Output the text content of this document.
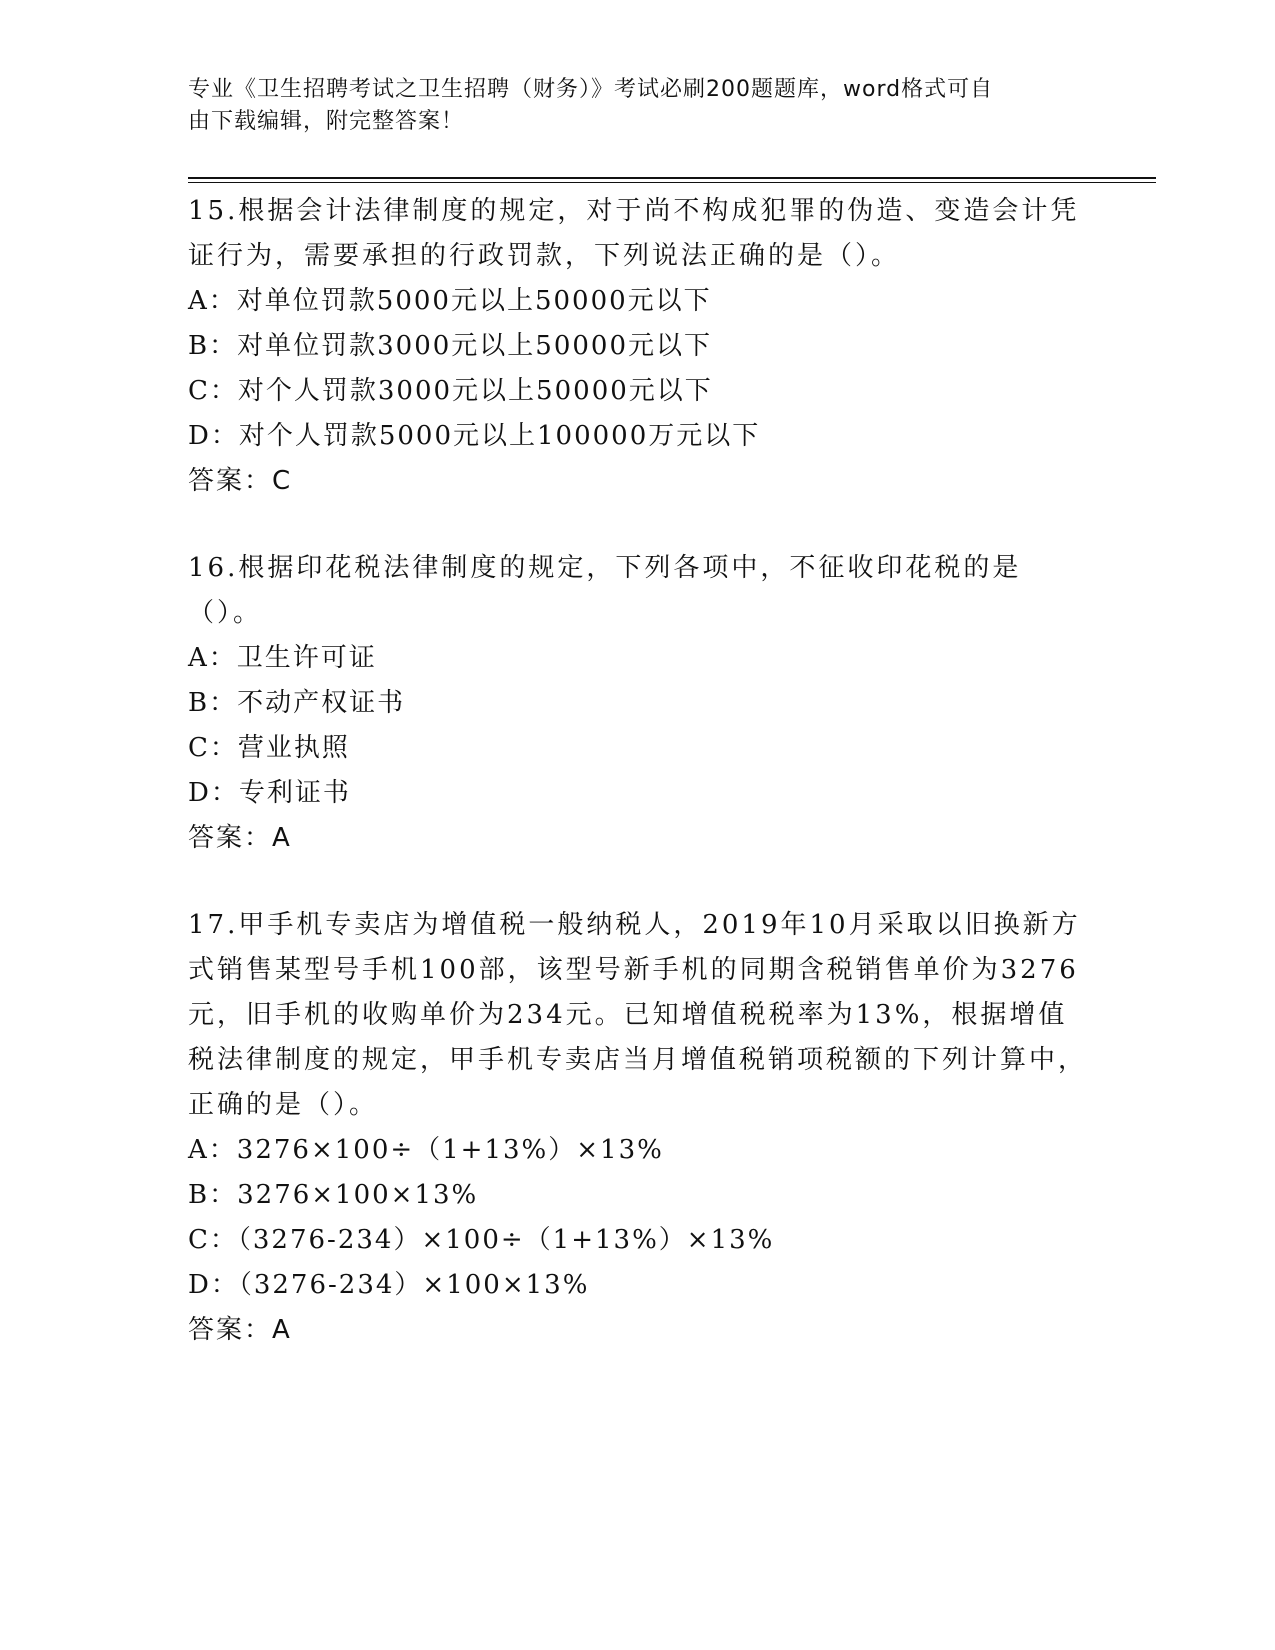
专业《卫生招聘考试之卫生招聘（财务）》考试必刷200题题库，word格式可自
由下载编辑，附完整答案！
15.根据会计法律制度的规定，对于尚不构成犯罪的伪造、变造会计凭证行为，需要承担的行政罚款，下列说法正确的是（）。
A：对单位罚款5000元以上50000元以下
B：对单位罚款3000元以上50000元以下
C：对个人罚款3000元以上50000元以下
D：对个人罚款5000元以上100000万元以下
答案：C
16.根据印花税法律制度的规定，下列各项中，不征收印花税的是（）。
A：卫生许可证
B：不动产权证书
C：营业执照
D：专利证书
答案：A
17.甲手机专卖店为增值税一般纳税人，2019年10月采取以旧换新方式销售某型号手机100部，该型号新手机的同期含税销售单价为3276元，旧手机的收购单价为234元。已知增值税税率为13%，根据增值税法律制度的规定，甲手机专卖店当月增值税销项税额的下列计算中，正确的是（）。
A：3276×100÷（1+13%）×13%
B：3276×100×13%
C：（3276-234）×100÷（1+13%）×13%
D：（3276-234）×100×13%
答案：A
